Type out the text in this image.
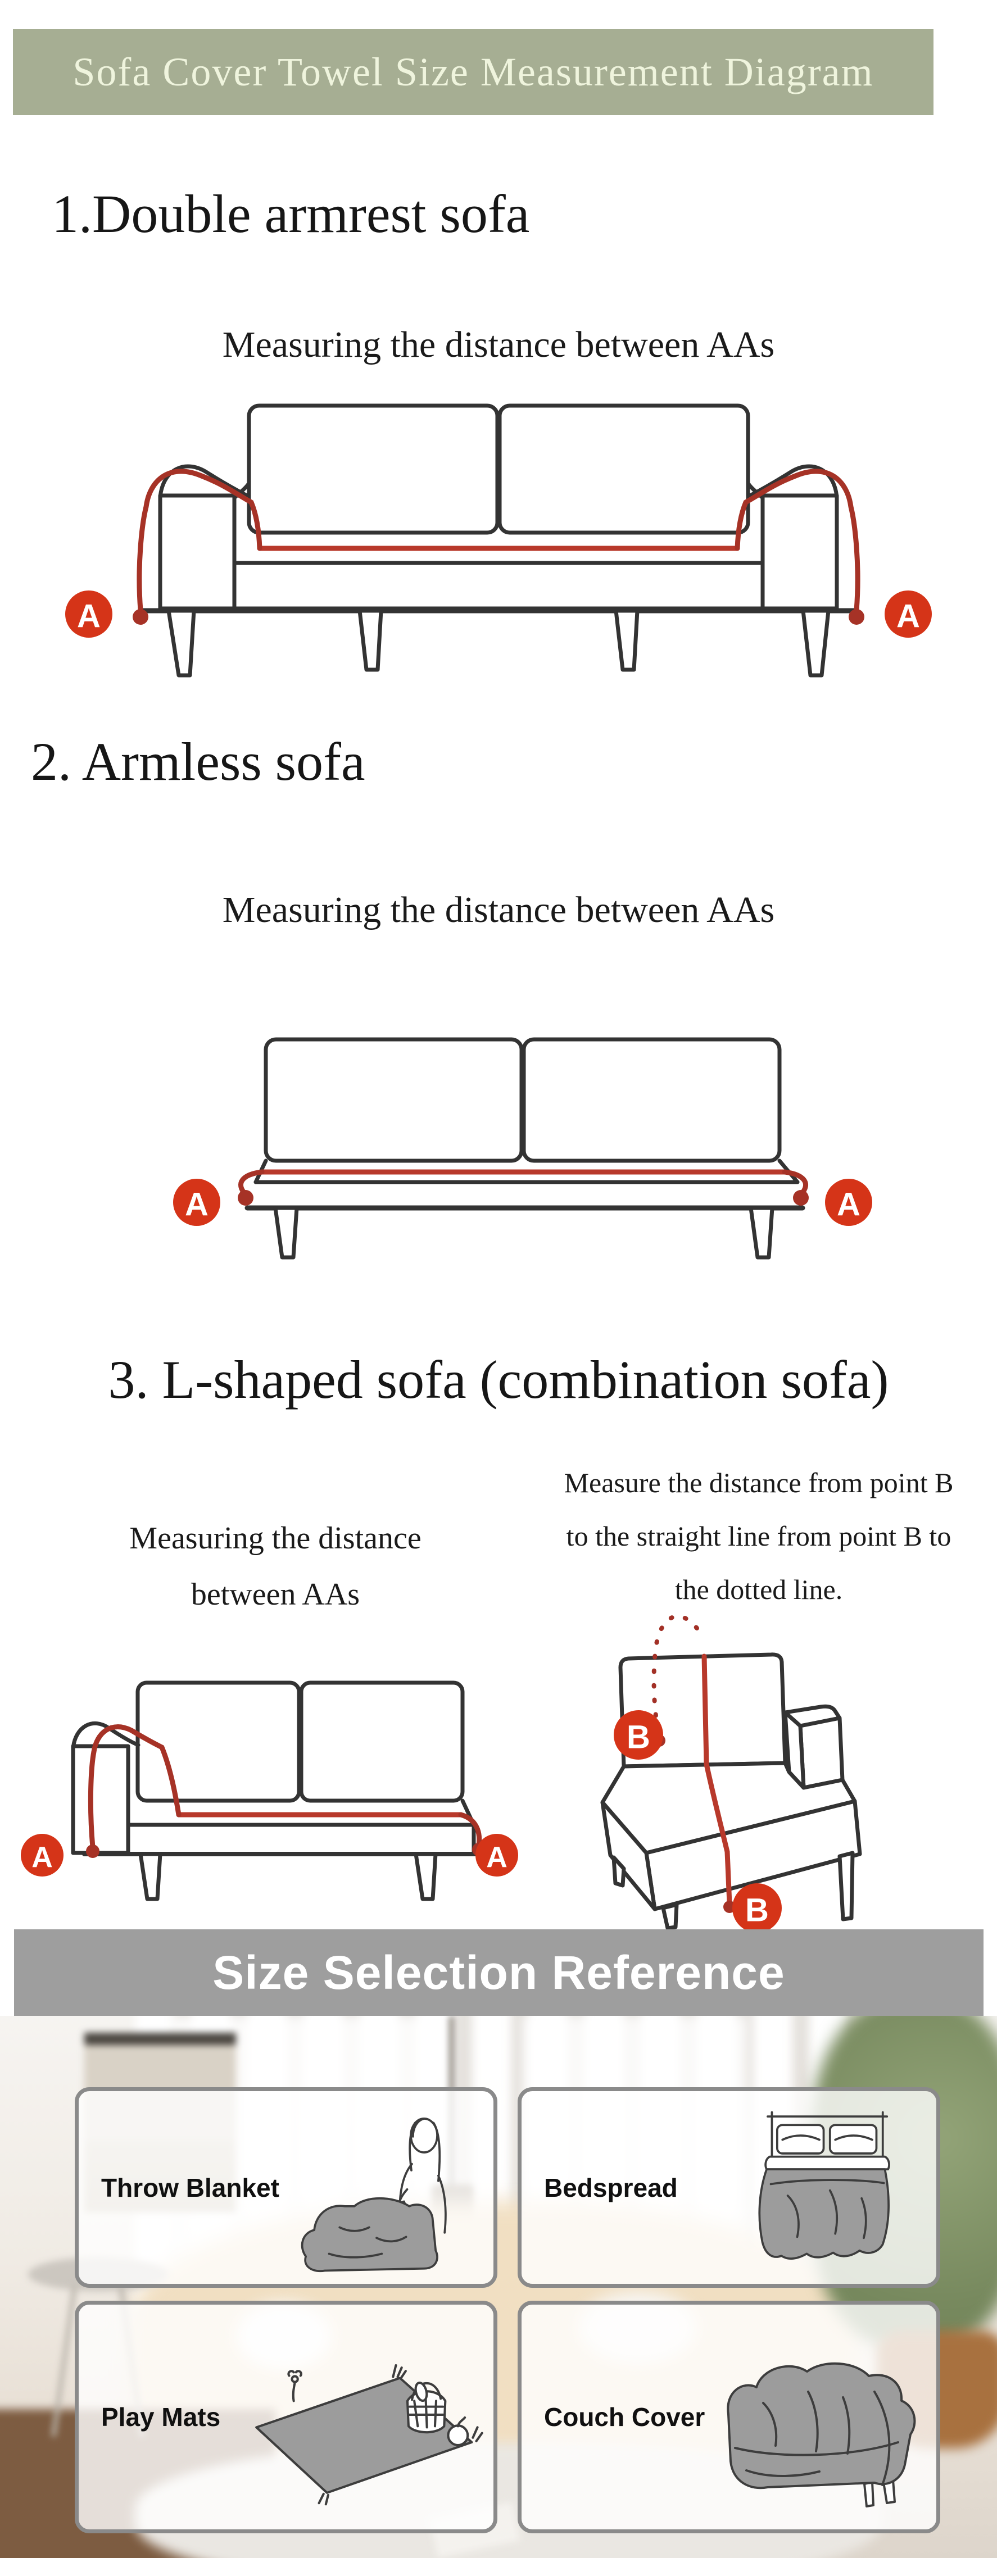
Sofa Cover Towel Size Measurement Diagram
1.Double armrest sofa
Measuring the distance between AAs
A	A
2. Armless sofa
Measuring the distance between AAs
A	A
3. L-shaped sofa (combination sofa)
Measuring the distance
between AAs
Measure the distance from point B
to the straight line from point B to
the dotted line.
A	A
B
B
Size Selection Reference
Throw Blanket	Bedspread
Play Mats	Couch Cover
